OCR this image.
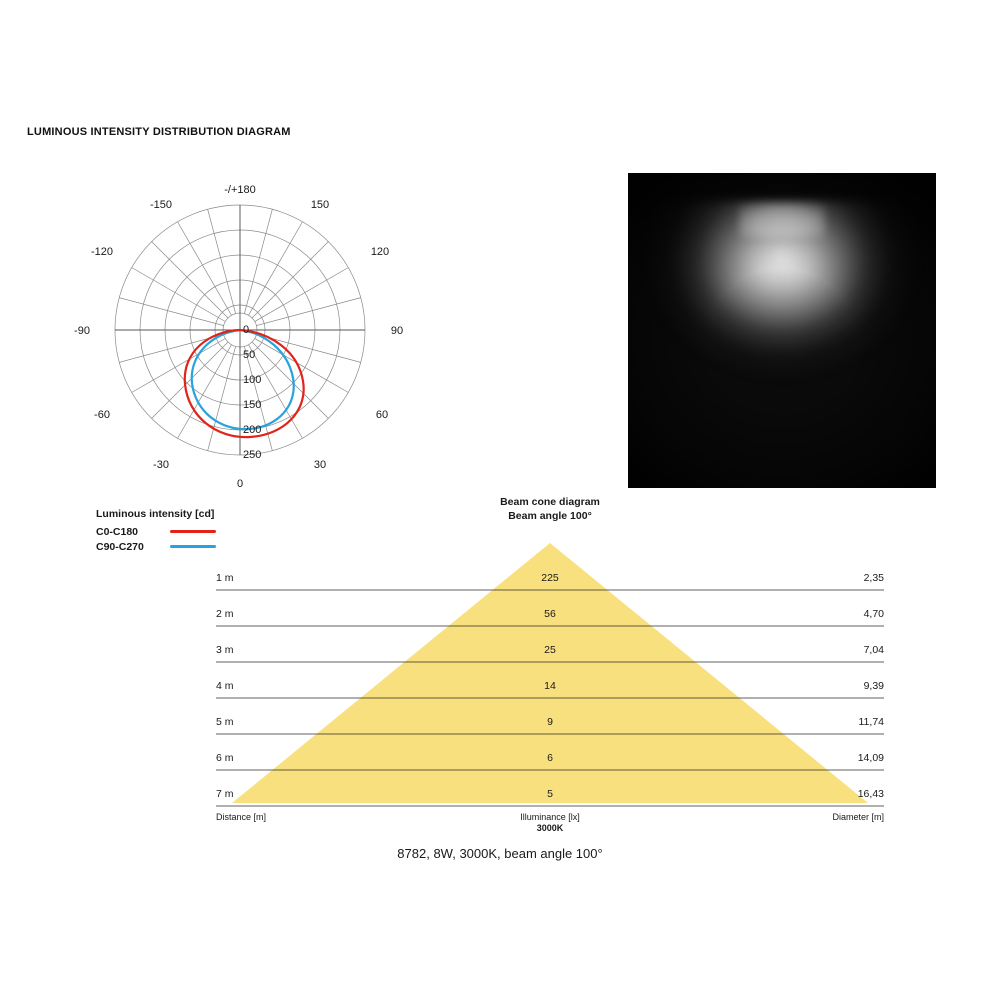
LUMINOUS INTENSITY DISTRIBUTION DIAGRAM
-/+180
-150	150
-120	120
-90	90
-60	60
-30	30
0
0
50
100
150
200
250
Luminous intensity [cd]
C0-C180
C90-C270
Beam cone diagram
Beam angle 100°
1 m	225	2,35
2 m	56	4,70
3 m	25	7,04
4 m	14	9,39
5 m	9	11,74
6 m	6	14,09
7 m	5	16,43
Distance [m]	Illuminance [lx]
3000K
Diameter [m]
8782, 8W, 3000K, beam angle 100°
